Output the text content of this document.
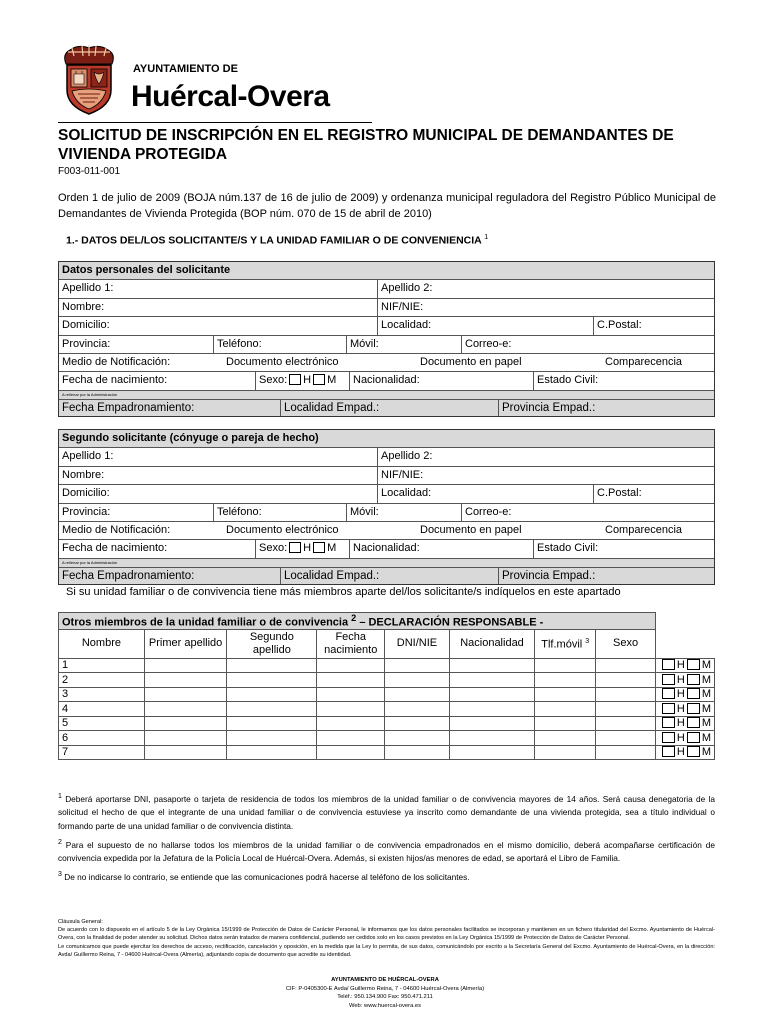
AYUNTAMIENTO DE
Huércal-Overa
SOLICITUD DE INSCRIPCIÓN EN EL REGISTRO MUNICIPAL DE DEMANDANTES DE VIVIENDA PROTEGIDA
F003-011-001
Orden 1 de julio de 2009 (BOJA núm.137 de 16 de julio de 2009) y ordenanza municipal reguladora del Registro Público Municipal de Demandantes de Vivienda Protegida (BOP núm. 070 de 15 de abril de 2010)
1.- DATOS DEL/LOS SOLICITANTE/S Y LA UNIDAD FAMILIAR O DE CONVENIENCIA $^1$
Datos personales del solicitante
Apellido 1:	Apellido 2:
Nombre:	NIF/NIE:
Domicilio:	Localidad:	C.Postal:
Provincia:	Teléfono:	Móvil:	Correo-e:
Medio de Notificación:	Documento electrónico	Documento en papel	Comparecencia
Fecha de nacimiento:	Sexo: H M	Nacionalidad:	Estado Civil:
A rellenar por la Administración
Fecha Empadronamiento:	Localidad Empad.:	Provincia Empad.:
Segundo solicitante (cónyuge o pareja de hecho)
Apellido 1:	Apellido 2:
Nombre:	NIF/NIE:
Domicilio:	Localidad:	C.Postal:
Provincia:	Teléfono:	Móvil:	Correo-e:
Medio de Notificación:	Documento electrónico	Documento en papel	Comparecencia
Fecha de nacimiento:	Sexo: H M	Nacionalidad:	Estado Civil:
A rellenar por la Administración
Fecha Empadronamiento:	Localidad Empad.:	Provincia Empad.:
Si su unidad familiar o de convivencia tiene más miembros aparte del/los solicitante/s indíquelos en este apartado
Otros miembros de la unidad familiar o de convivencia $^2$ – DECLARACIÓN RESPONSABLE -								
Nombre	Primer apellido	Segundo apellido	Fecha nacimiento	DNI/NIE	Nacionalidad	Tlf.móvil $^3$	Sexo	
1								H M
2								H M
3								H M
4								H M
5								H M
6								H M
7								H M
$^1$ Deberá aportarse DNI, pasaporte o tarjeta de residencia de todos los miembros de la unidad familiar o de convivencia mayores de 14 años. Será causa denegatoria de la solicitud el hecho de que el integrante de una unidad familiar o de convivencia estuviese ya inscrito como demandante de una vivienda protegida, sea a título individual o formando parte de una unidad familiar o de convivencia distinta.
$^2$ Para el supuesto de no hallarse todos los miembros de la unidad familiar o de convivencia empadronados en el mismo domicilio, deberá acompañarse certificación de convivencia expedida por la Jefatura de la Policía Local de Huércal-Overa. Además, si existen hijos/as menores de edad, se aportará el Libro de Familia.
$^3$ De no indicarse lo contrario, se entiende que las comunicaciones podrá hacerse al teléfono de los solicitantes.
Cláusula General:
De acuerdo con lo dispuesto en el artículo 5 de la Ley Orgánica 15/1999 de Protección de Datos de Carácter Personal, le informamos que los datos personales facilitados se incorporan y mantienen en un fichero titularidad del Excmo. Ayuntamiento de Huércal-Overa, con la finalidad de poder atender su solicitud. Dichos datos serán tratados de manera confidencial, pudiendo ser cedidos solo en los casos previstos en la Ley Orgánica 15/1999 de Protección de Datos de Carácter Personal.
Le comunicamos que puede ejercitar los derechos de acceso, rectificación, cancelación y oposición, en la medida que la Ley lo permita, de sus datos, comunicándolo por escrito a la Secretaría General del Excmo. Ayuntamiento de Huércal-Overa, en la dirección: Avda/ Guillermo Reina, 7 - 04600 Huércal-Overa (Almería), adjuntando copia de documento que acredite su identidad.
AYUNTAMIENTO DE HUÉRCAL-OVERA
CIF: P-0405300-E Avda/ Guillermo Reina, 7 - 04600 Huércal-Overa (Almería)
Teléf.: 950.134.900 Fax: 950.471.211
Web: www.huercal-overa.es
